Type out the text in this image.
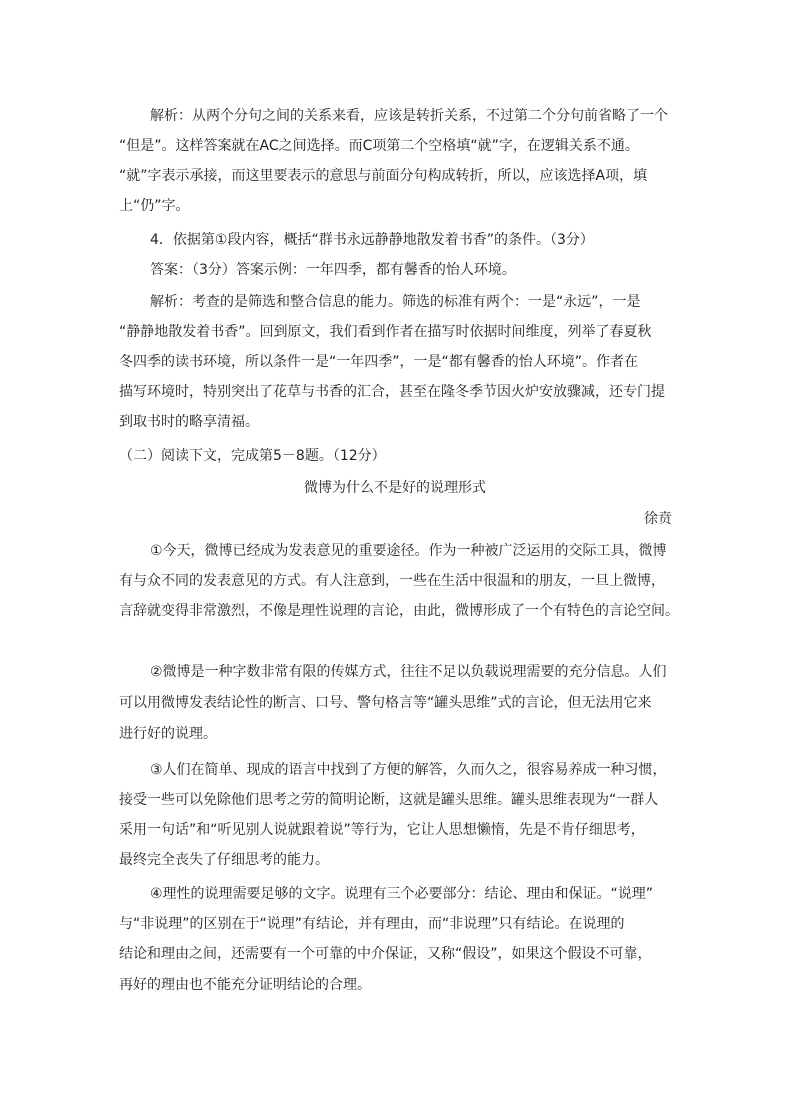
解析：从两个分句之间的关系来看，应该是转折关系，不过第二个分句前省略了一个
“但是”。这样答案就在AC之间选择。而C项第二个空格填“就”字，在逻辑关系不通。
“就”字表示承接，而这里要表示的意思与前面分句构成转折，所以，应该选择A项，填
上“仍”字。
4．依据第①段内容，概括“群书永远静静地散发着书香”的条件。（3分）
答案：（3分）答案示例：一年四季，都有馨香的怡人环境。
解析：考查的是筛选和整合信息的能力。筛选的标准有两个：一是“永远”，一是
“静静地散发着书香”。回到原文，我们看到作者在描写时依据时间维度，列举了春夏秋
冬四季的读书环境，所以条件一是“一年四季”，一是“都有馨香的怡人环境”。作者在
描写环境时，特别突出了花草与书香的汇合，甚至在隆冬季节因火炉安放骤减，还专门提
到取书时的略享清福。
（二）阅读下文，完成第5－8题。（12分）
微博为什么不是好的说理形式
徐贲
①今天，微博已经成为发表意见的重要途径。作为一种被广泛运用的交际工具，微博
有与众不同的发表意见的方式。有人注意到，一些在生活中很温和的朋友，一旦上微博，
言辞就变得非常激烈，不像是理性说理的言论，由此，微博形成了一个有特色的言论空间。
②微博是一种字数非常有限的传媒方式，往往不足以负载说理需要的充分信息。人们
可以用微博发表结论性的断言、口号、警句格言等“罐头思维”式的言论，但无法用它来
进行好的说理。
③人们在简单、现成的语言中找到了方便的解答，久而久之，很容易养成一种习惯，
接受一些可以免除他们思考之劳的简明论断，这就是罐头思维。罐头思维表现为“一群人
采用一句话”和“听见别人说就跟着说”等行为，它让人思想懒惰，先是不肯仔细思考，
最终完全丧失了仔细思考的能力。
④理性的说理需要足够的文字。说理有三个必要部分：结论、理由和保证。“说理”
与“非说理”的区别在于“说理”有结论，并有理由，而“非说理”只有结论。在说理的
结论和理由之间，还需要有一个可靠的中介保证，又称“假设”，如果这个假设不可靠，
再好的理由也不能充分证明结论的合理。
